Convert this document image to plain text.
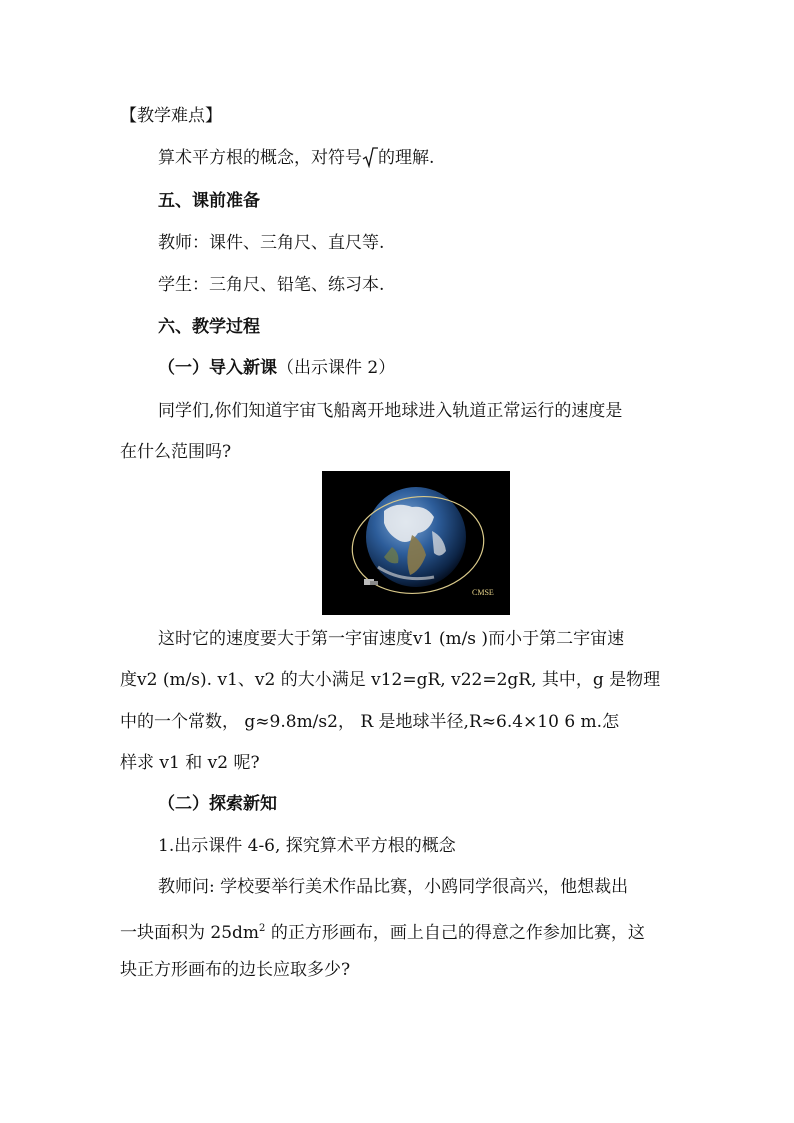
【教学难点】
算术平方根的概念，对符号 的理解.
五、课前准备
教师：课件、三角尺、直尺等.
学生：三角尺、铅笔、练习本.
六、教学过程
（一）导入新课（出示课件 2）
同学们,你们知道宇宙飞船离开地球进入轨道正常运行的速度是
在什么范围吗?
CMSE
这时它的速度要大于第一宇宙速度v1 (m/s )而小于第二宇宙速
度v2 (m/s). v1、v2 的大小满足 v12=gR, v22=2gR, 其中，g 是物理
中的一个常数， g≈9.8m/s2， R 是地球半径,R≈6.4×10 6 m.怎
样求 v1 和 v2 呢?
（二）探索新知
1.出示课件 4-6, 探究算术平方根的概念
教师问: 学校要举行美术作品比赛，小鸥同学很高兴，他想裁出
一块面积为 $25dm^2$ 的正方形画布，画上自己的得意之作参加比赛，这
块正方形画布的边长应取多少?
